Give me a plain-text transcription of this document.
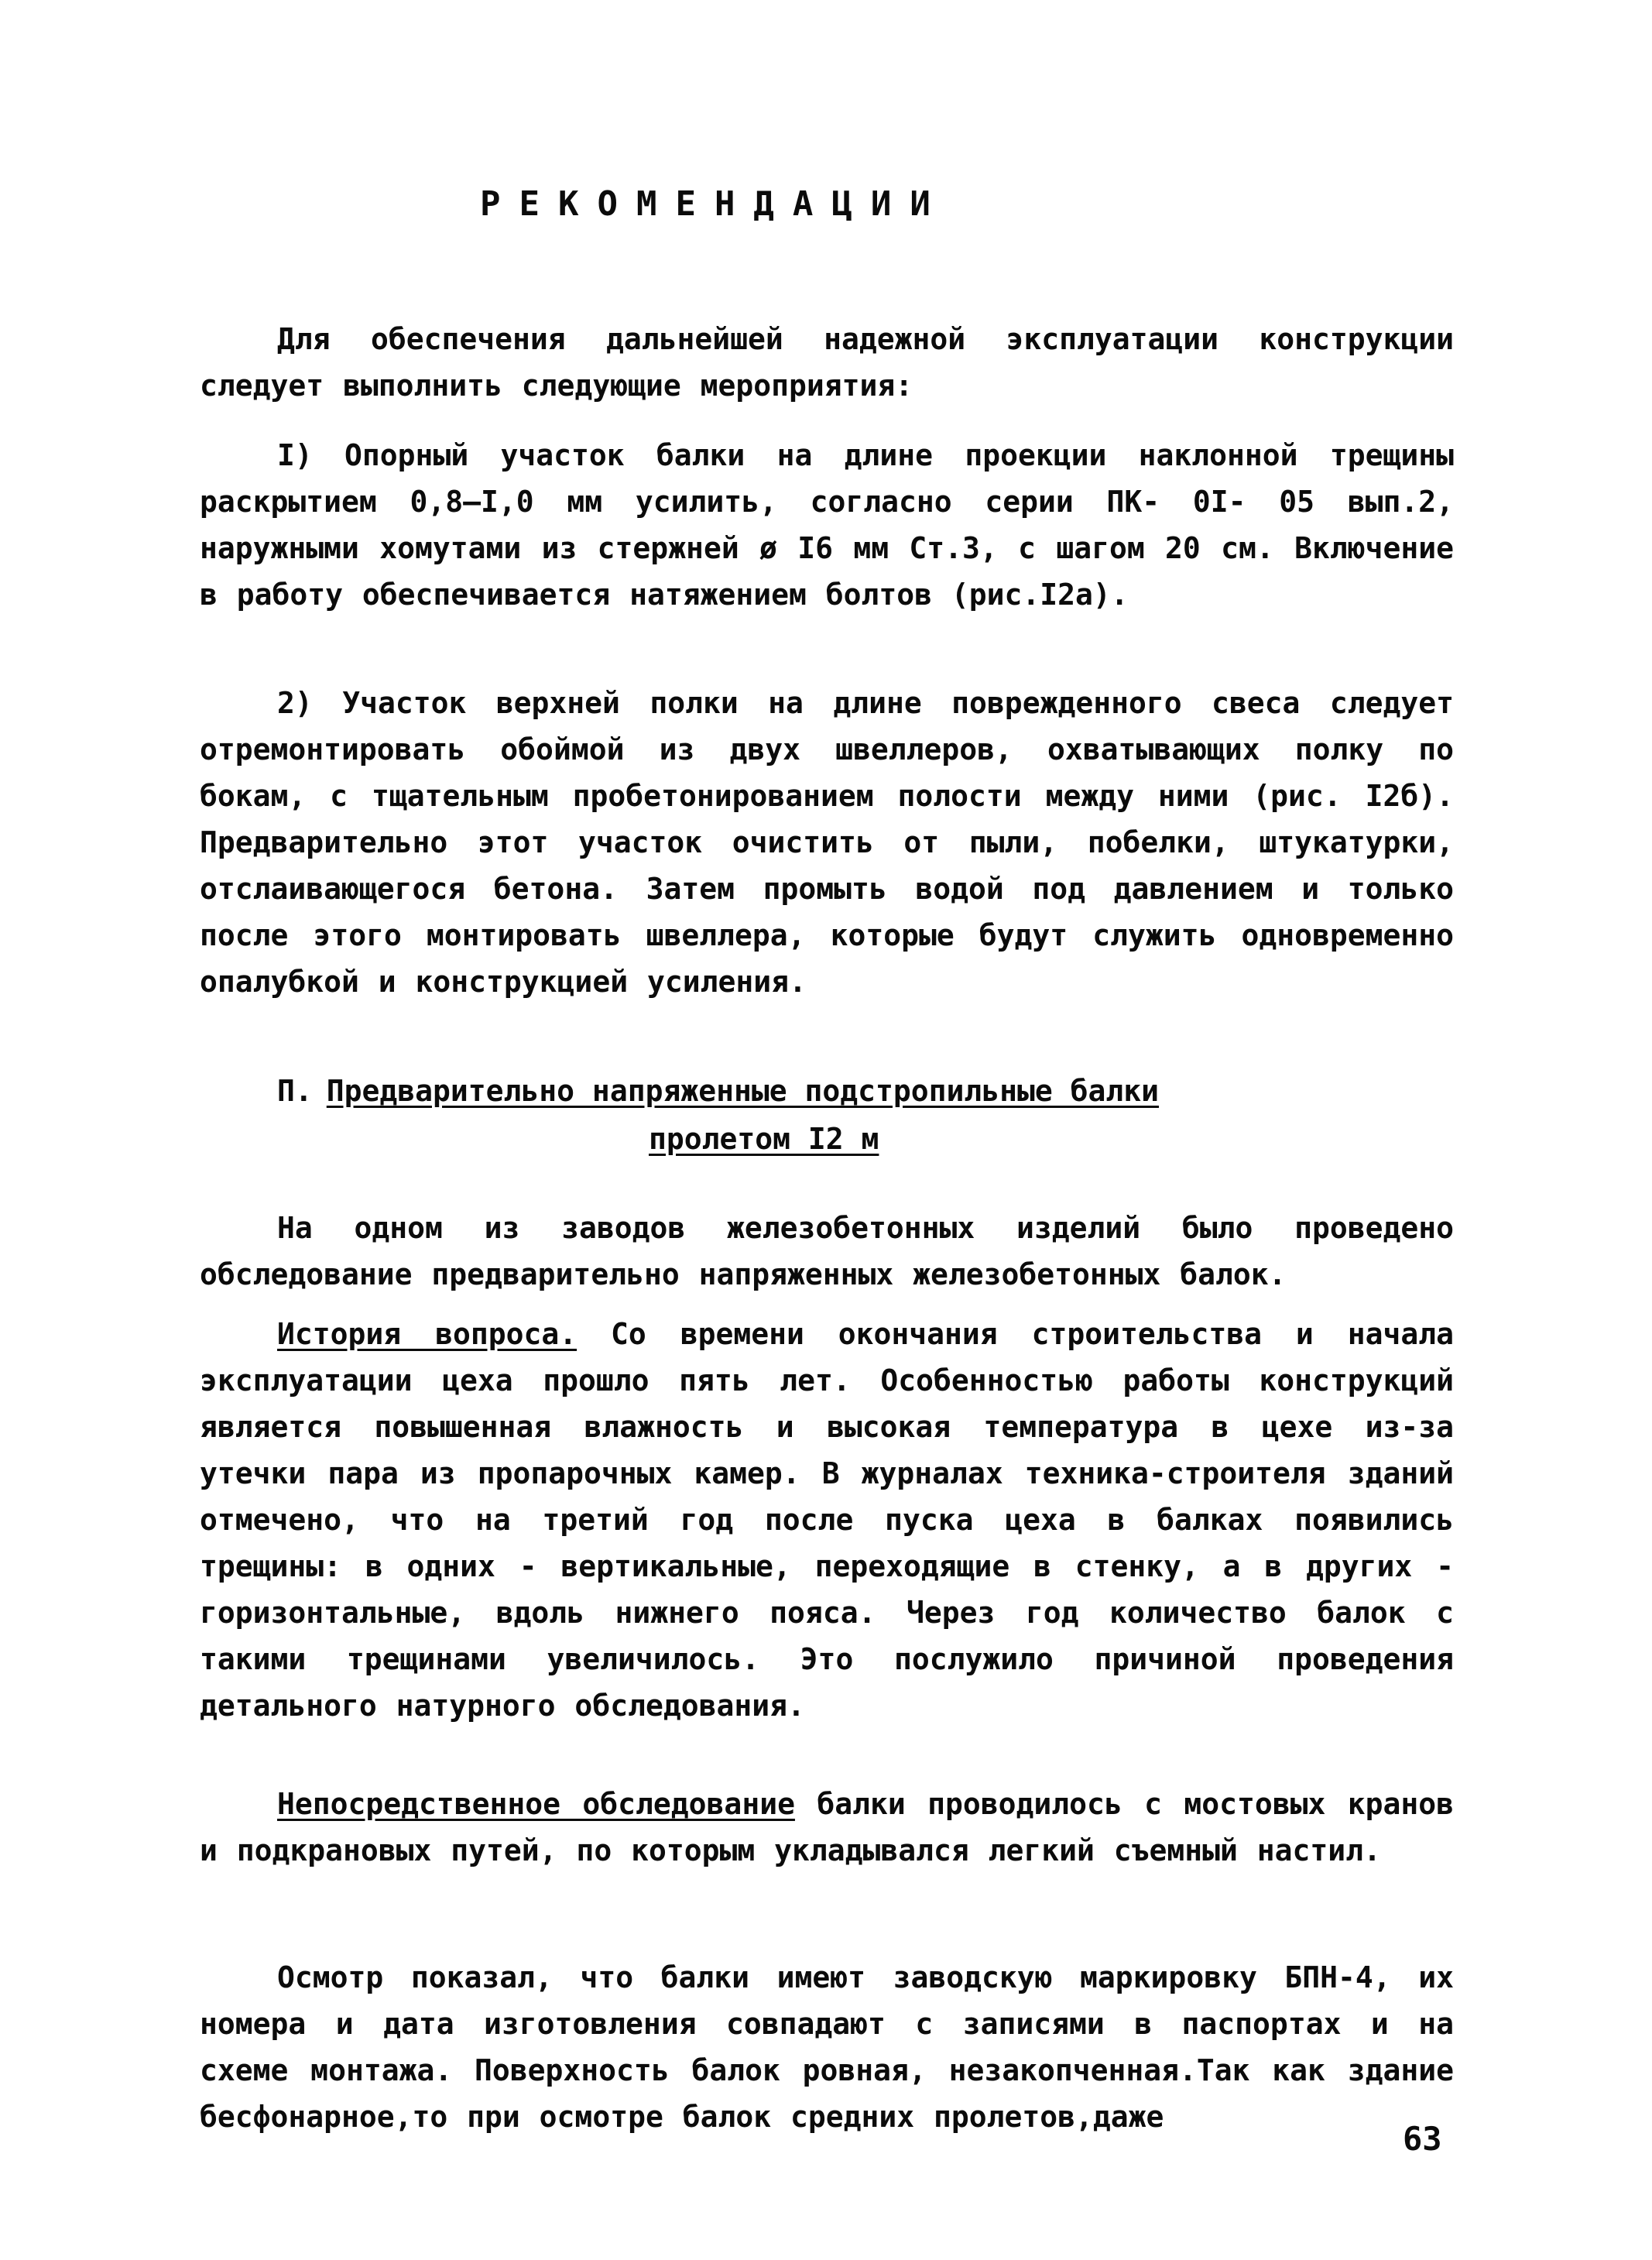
РЕКОМЕНДАЦИИ

Для обеспечения дальнейшей надежной эксплуатации конструкции следует выполнить следующие мероприятия:

I) Опорный участок балки на длине проекции наклонной трещины раскрытием 0,8–I,0 мм усилить, согласно серии ПК- 0I- 05 вып.2, наружными хомутами из стержней ø I6 мм Ст.3, с шагом 20 см. Включение в работу обеспечивается натяжением болтов (рис.I2а).

2) Участок верхней полки на длине поврежденного свеса следует отремонтировать обоймой из двух швеллеров, охватывающих полку по бокам, с тщательным пробетонированием полости между ними (рис. I2б). Предварительно этот участок очистить от пыли, побелки, штукатурки, отслаивающегося бетона. Затем промыть водой под давлением и только после этого монтировать швеллера, которые будут служить одновременно опалубкой и конструкцией усиления.

П. Предварительно напряженные подстропильные балки
пролетом I2 м

На одном из заводов железобетонных изделий было проведено обследование предварительно напряженных железобетонных балок.

История вопроса. Со времени окончания строительства и начала эксплуатации цеха прошло пять лет. Особенностью работы конструкций является повышенная влажность и высокая температура в цехе из-за утечки пара из пропарочных камер. В журналах техника-строителя зданий отмечено, что на третий год после пуска цеха в балках появились трещины: в одних - вертикальные, переходящие в стенку, а в других - горизонтальные, вдоль нижнего пояса. Через год количество балок с такими трещинами увеличилось. Это послужило причиной проведения детального натурного обследования.

Непосредственное обследование балки проводилось с мостовых кранов и подкрановых путей, по которым укладывался легкий съемный настил.

Осмотр показал, что балки имеют заводскую маркировку БПН-4, их номера и дата изготовления совпадают с записями в паспортах и на схеме монтажа. Поверхность балок ровная, незакопченная.Так как здание бесфонарное,то при осмотре балок средних пролетов,даже

63
